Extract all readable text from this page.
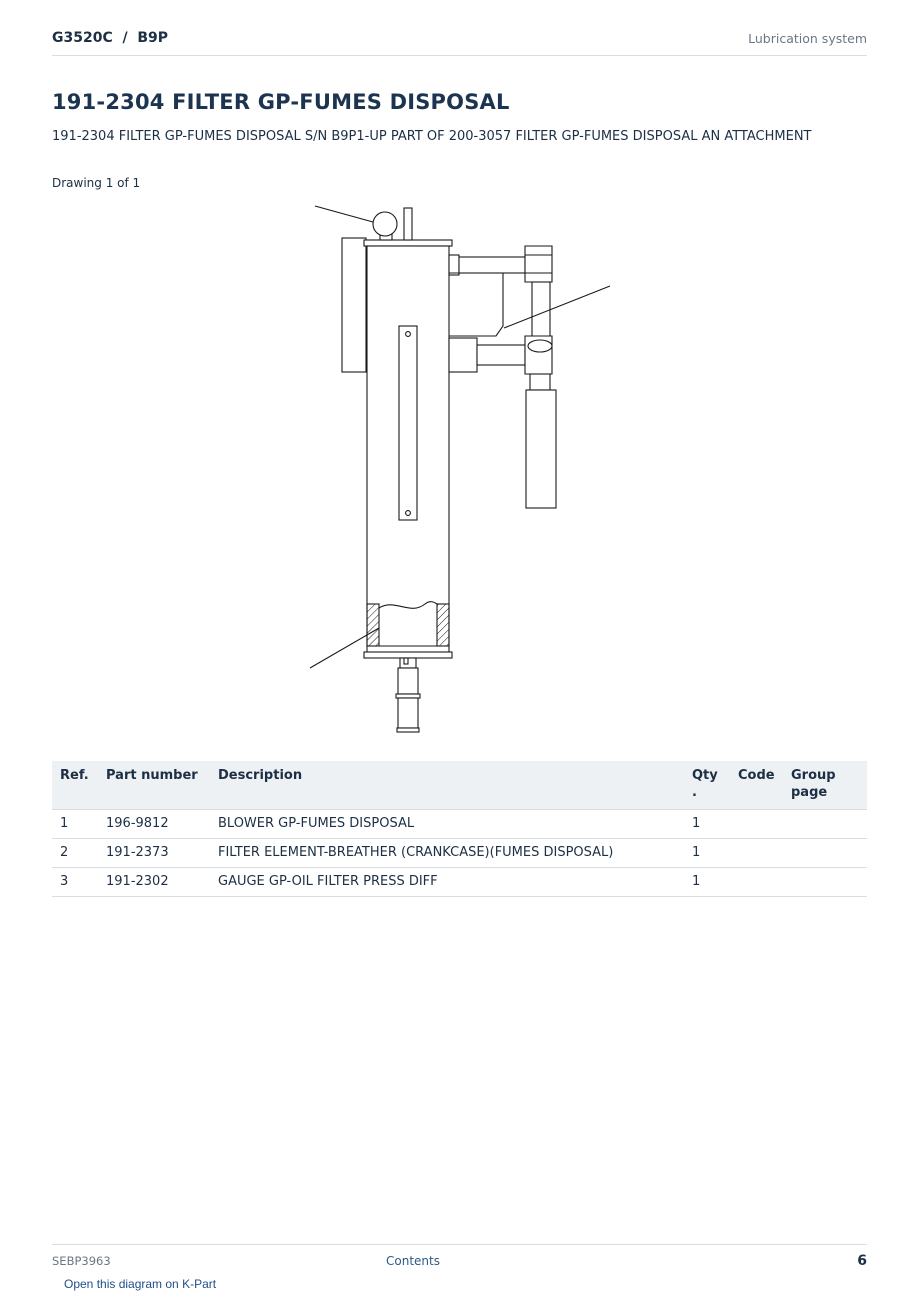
G3520C  /  B9P	Lubrication system
191-2304 FILTER GP-FUMES DISPOSAL
191-2304 FILTER GP-FUMES DISPOSAL S/N B9P1-UP PART OF 200-3057 FILTER GP-FUMES DISPOSAL AN ATTACHMENT
Drawing 1 of 1
Ref.	Part number	Description	Qty .	Code	Group page
1	196-9812	BLOWER GP-FUMES DISPOSAL	1		
2	191-2373	FILTER ELEMENT-BREATHER (CRANKCASE)(FUMES DISPOSAL)	1		
3	191-2302	GAUGE GP-OIL FILTER PRESS DIFF	1		
SEBP3963	Contents	6
Open this diagram on K-Part
